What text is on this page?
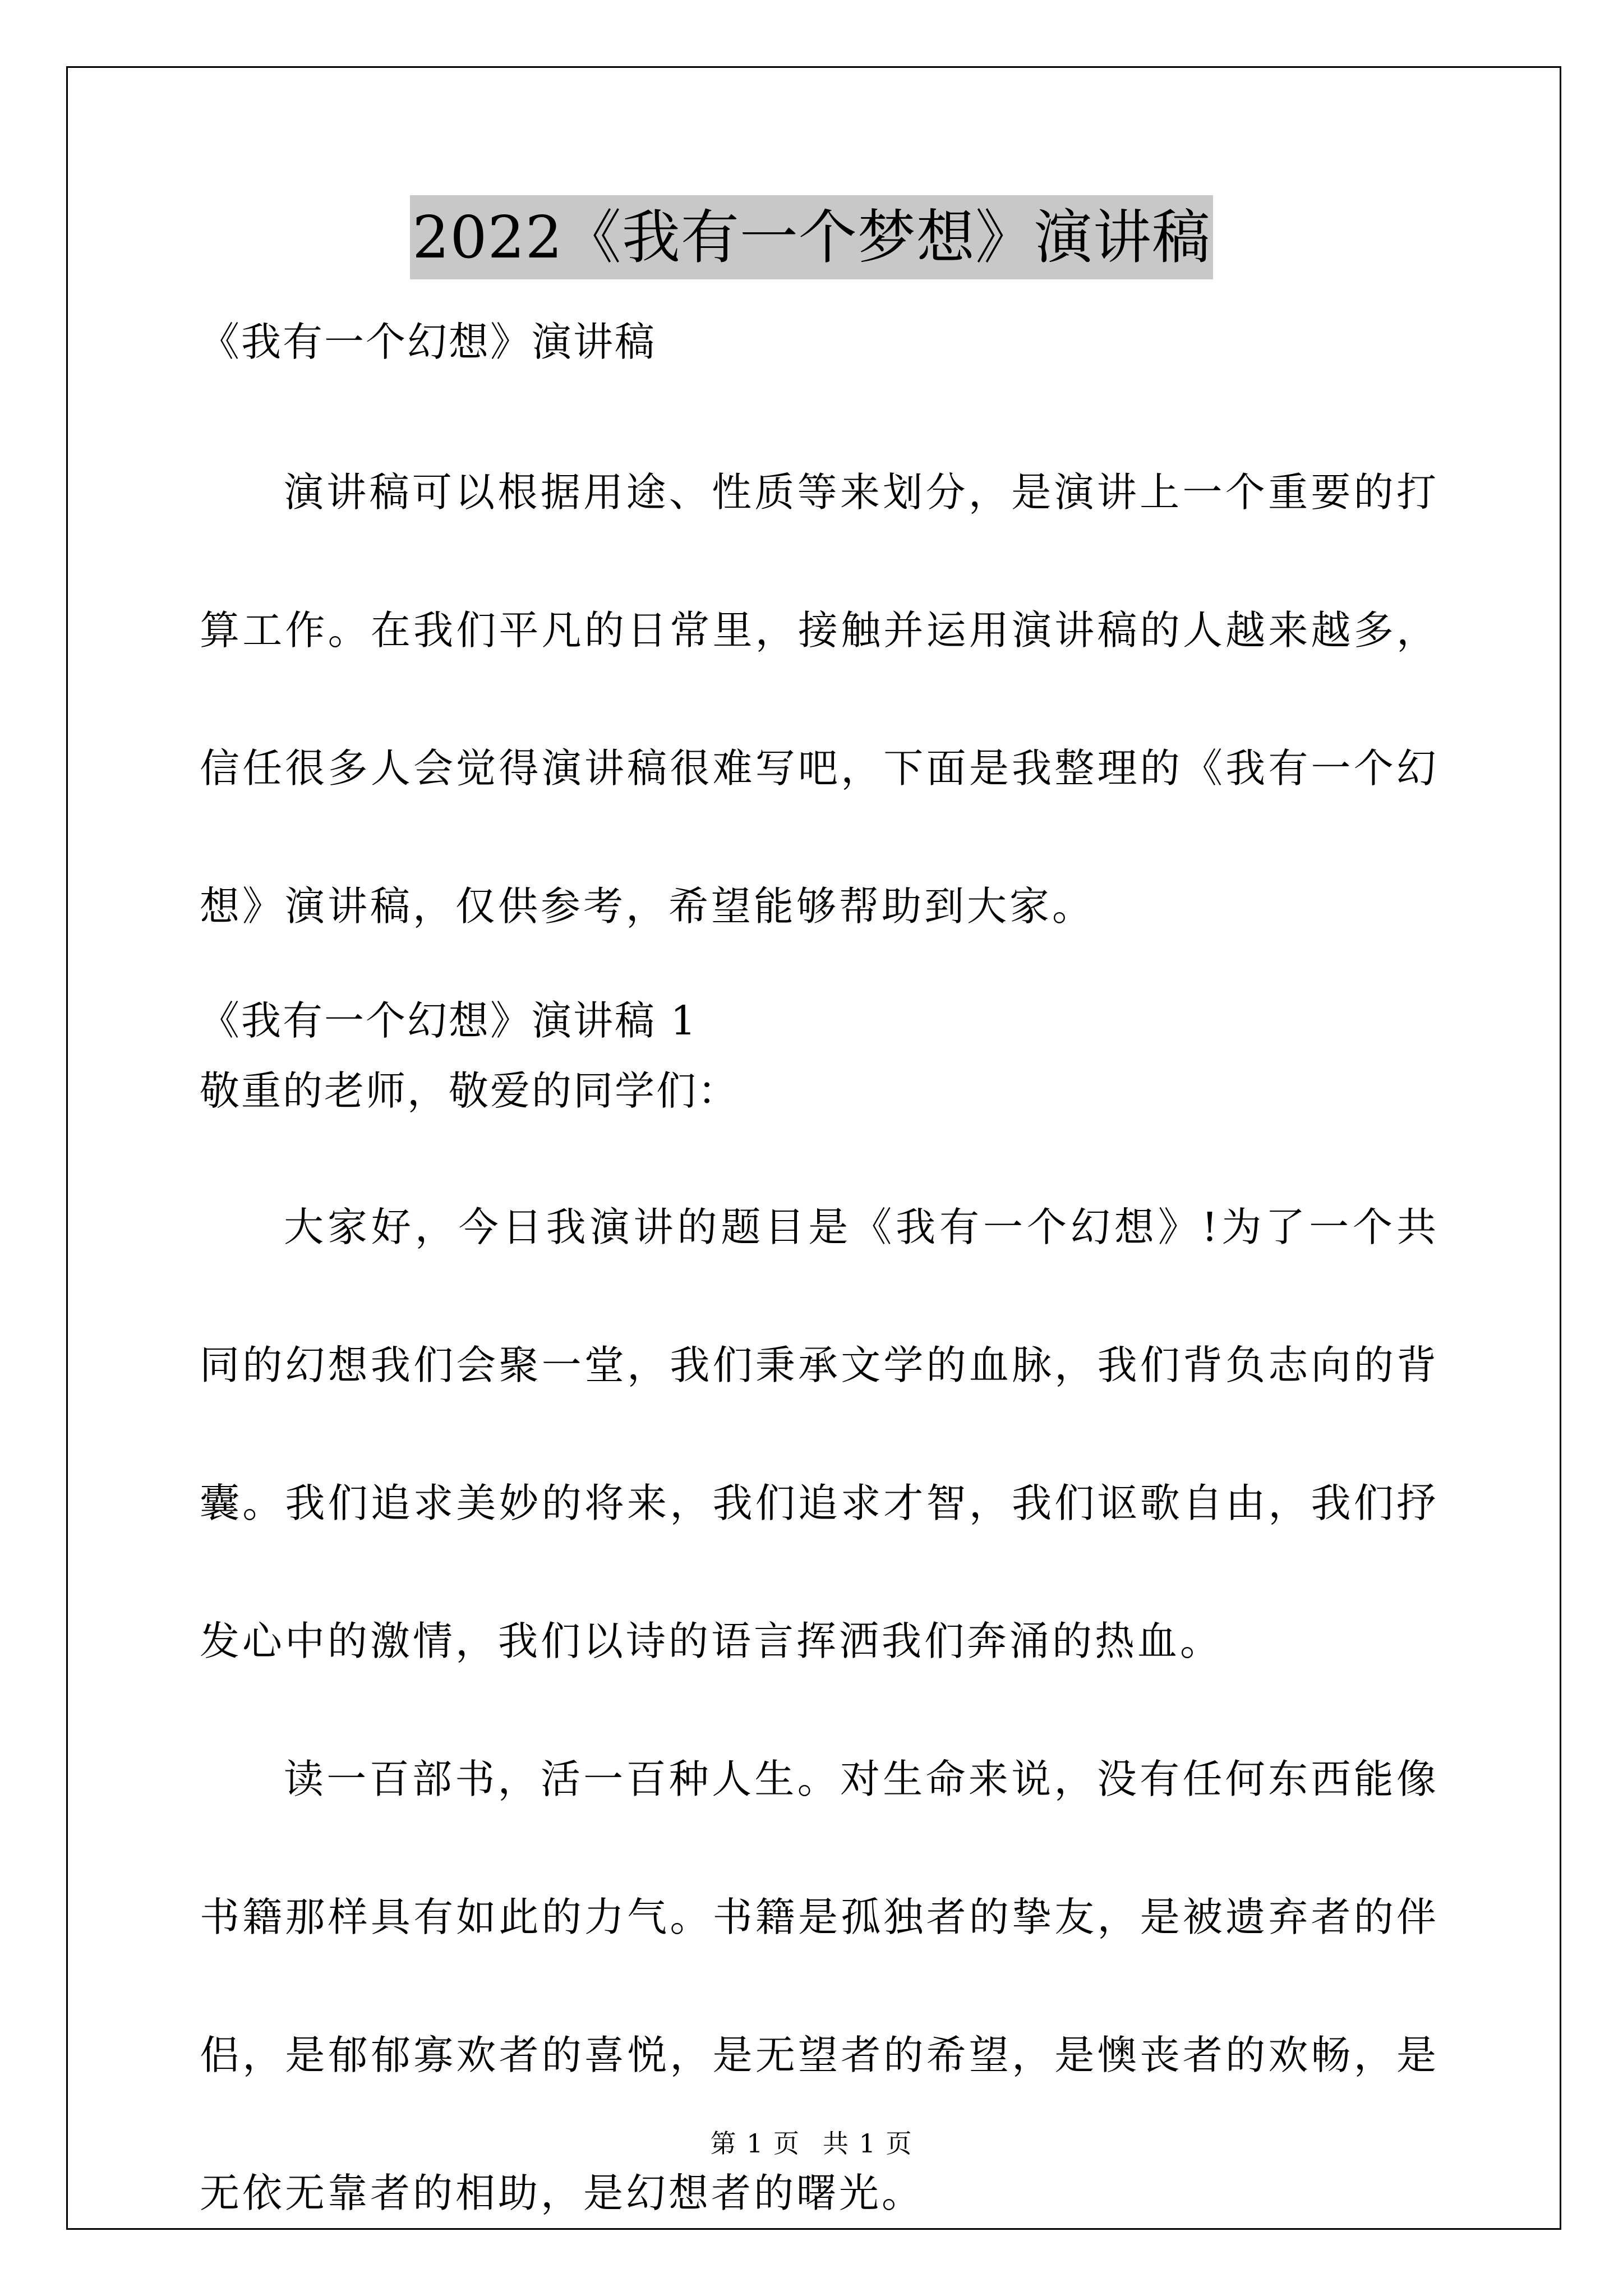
2022《我有一个梦想》演讲稿
《我有一个幻想》演讲稿

演讲稿可以根据用途、性质等来划分，是演讲上一个重要的打算工作。在我们平凡的日常里，接触并运用演讲稿的人越来越多，信任很多人会觉得演讲稿很难写吧，下面是我整理的《我有一个幻想》演讲稿，仅供参考，希望能够帮助到大家。

《我有一个幻想》演讲稿 1
敬重的老师，敬爱的同学们：

大家好，今日我演讲的题目是《我有一个幻想》!为了一个共同的幻想我们会聚一堂，我们秉承文学的血脉，我们背负志向的背囊。我们追求美妙的将来，我们追求才智，我们讴歌自由，我们抒发心中的激情，我们以诗的语言挥洒我们奔涌的热血。

读一百部书，活一百种人生。对生命来说，没有任何东西能像书籍那样具有如此的力气。书籍是孤独者的挚友，是被遗弃者的伴侣，是郁郁寡欢者的喜悦，是无望者的希望，是懊丧者的欢畅，是无依无靠者的相助，是幻想者的曙光。

第 1 页 共 1 页
